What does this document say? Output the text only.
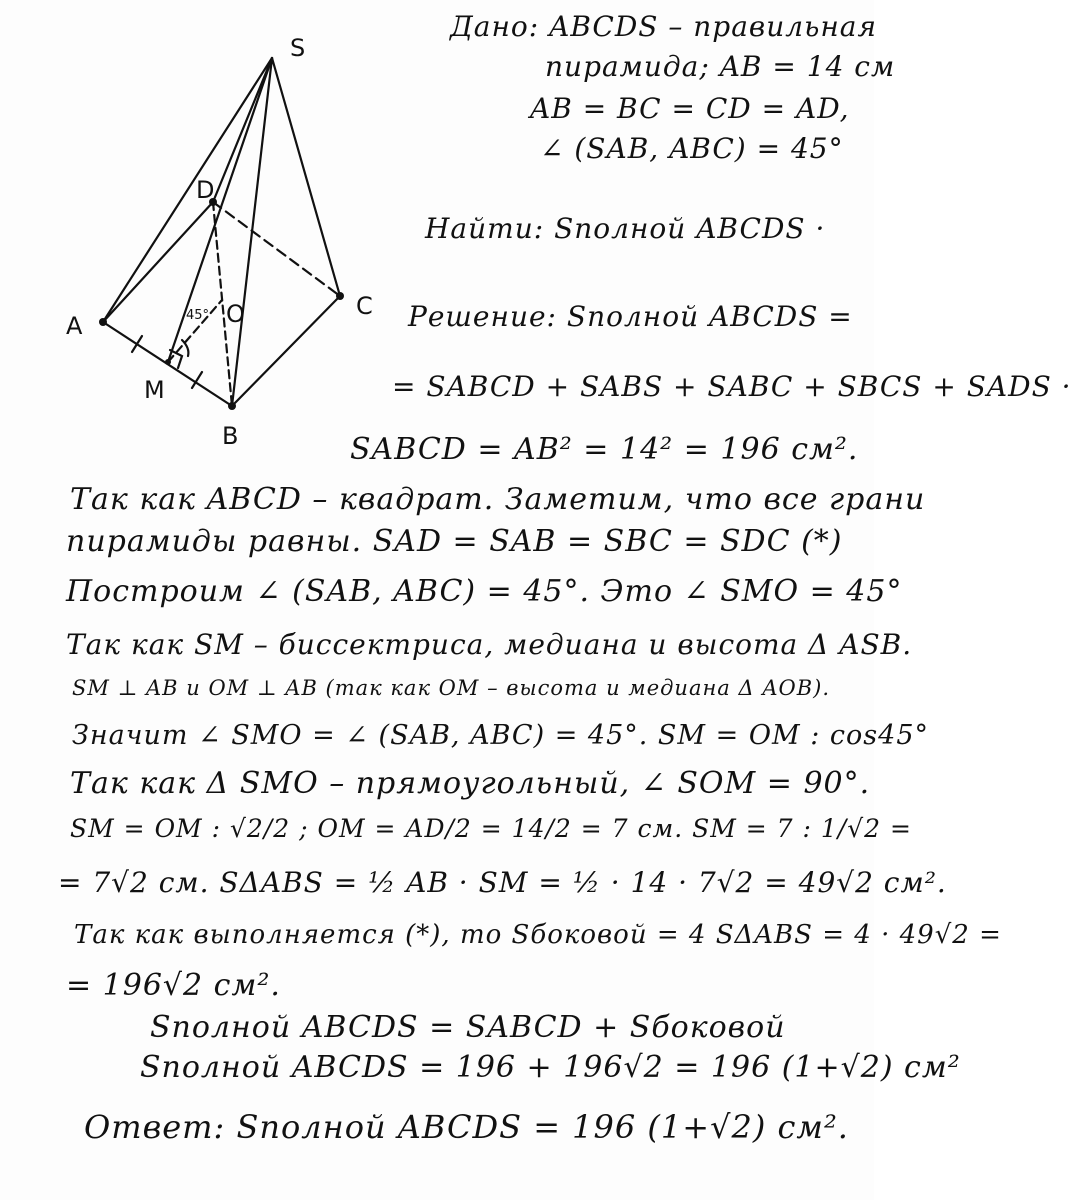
S
D
A
C
O
M
B
45°
Дано: ABCDS – правильная
пирамида; AB = 14 см
AB = BC = CD = AD,
∠ (SAB, ABC) = 45°
Найти: Sполной ABCDS ·
Решение: Sполной ABCDS =
= SABCD + SABS + SABC + SBCS + SADS ·
SABCD = AB² = 14² = 196 см².
Так как ABCD – квадрат. Заметим, что все грани
пирамиды равны. SAD = SAB = SBC = SDC (*)
Построим ∠ (SAB, ABC) = 45°. Это ∠ SMO = 45°
Так как SM – биссектриса, медиана и высота Δ ASB.
SM ⊥ AB и OM ⊥ AB (так как OM – высота и медиана Δ AOB).
Значит ∠ SMO = ∠ (SAB, ABC) = 45°. SM = OM : cos45°
Так как Δ SMO – прямоугольный, ∠ SOM = 90°.
SM = OM : √2/2 ; OM = AD/2 = 14/2 = 7 см. SM = 7 : 1/√2 =
= 7√2 см. SΔABS = ½ AB · SM = ½ · 14 · 7√2 = 49√2 см².
Так как выполняется (*), то Sбоковой = 4 SΔABS = 4 · 49√2 =
= 196√2 см².
Sполной ABCDS = SABCD + Sбоковой
Sполной ABCDS = 196 + 196√2 = 196 (1+√2) см²
Ответ: Sполной ABCDS = 196 (1+√2) см².
